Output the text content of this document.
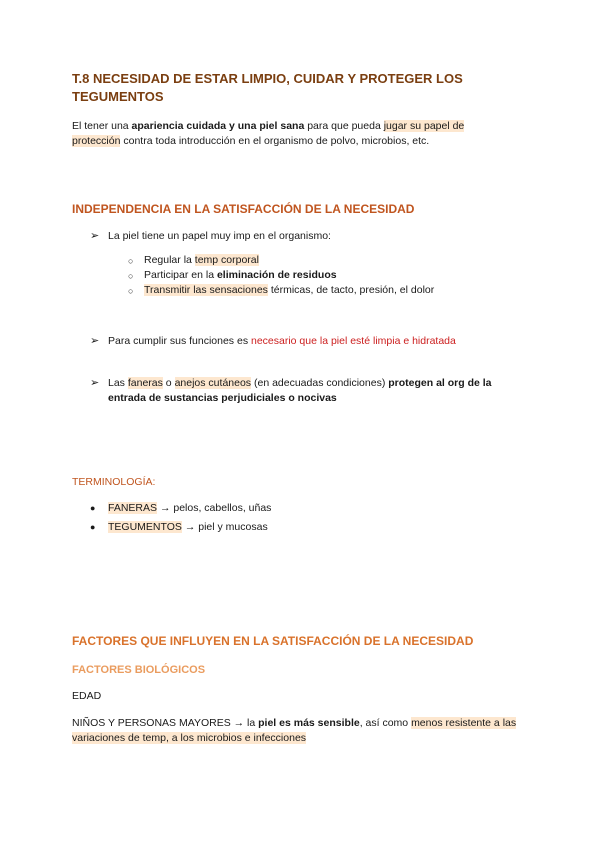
T.8 NECESIDAD DE ESTAR LIMPIO, CUIDAR Y PROTEGER LOS TEGUMENTOS
El tener una apariencia cuidada y una piel sana para que pueda jugar su papel de protección contra toda introducción en el organismo de polvo, microbios, etc.
INDEPENDENCIA EN LA SATISFACCIÓN DE LA NECESIDAD
➢ La piel tiene un papel muy imp en el organismo:
○ Regular la temp corporal
○ Participar en la eliminación de residuos
○ Transmitir las sensaciones térmicas, de tacto, presión, el dolor
➢ Para cumplir sus funciones es necesario que la piel esté limpia e hidratada
➢ Las faneras o anejos cutáneos (en adecuadas condiciones) protegen al org de la entrada de sustancias perjudiciales o nocivas
TERMINOLOGÍA:
● FANERAS → pelos, cabellos, uñas
● TEGUMENTOS → piel y mucosas
FACTORES QUE INFLUYEN EN LA SATISFACCIÓN DE LA NECESIDAD
FACTORES BIOLÓGICOS
EDAD
NIÑOS Y PERSONAS MAYORES → la piel es más sensible, así como menos resistente a las variaciones de temp, a los microbios e infecciones
